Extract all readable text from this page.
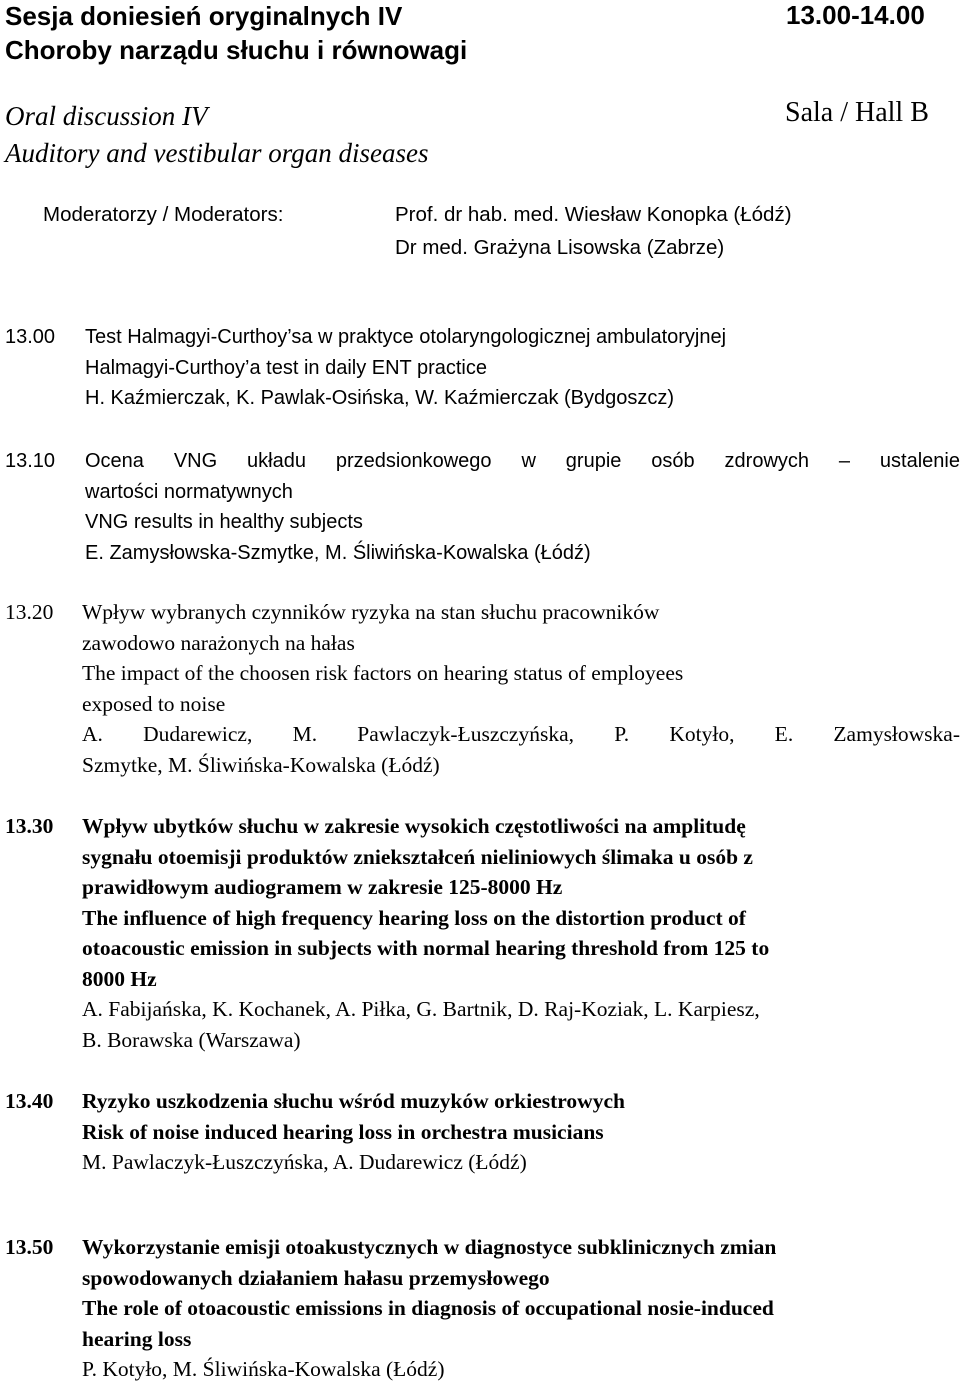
Sesja doniesień oryginalnych IV	13.00-14.00
Choroby narządu słuchu i równowagi
Oral discussion IV	Sala / Hall B
Auditory and vestibular organ diseases
Moderatorzy / Moderators:	Prof. dr hab. med. Wiesław Konopka (Łódź)
Dr med. Grażyna Lisowska (Zabrze)
13.00 Test Halmagyi-Curthoy’sa w praktyce otolaryngologicznej ambulatoryjnej
Halmagyi-Curthoy’a test in daily ENT practice
H. Kaźmierczak, K. Pawlak-Osińska, W. Kaźmierczak (Bydgoszcz)
13.10 Ocena VNG układu przedsionkowego w grupie osób zdrowych – ustalenie
wartości normatywnych
VNG results in healthy subjects
E. Zamysłowska-Szmytke, M. Śliwińska-Kowalska (Łódź)
13.20 Wpływ wybranych czynników ryzyka na stan słuchu pracowników
zawodowo narażonych na hałas
The impact of the choosen risk factors on hearing status of employees
exposed to noise
A. Dudarewicz, M. Pawlaczyk-Łuszczyńska, P. Kotyło, E. Zamysłowska-
Szmytke, M. Śliwińska-Kowalska (Łódź)
13.30 Wpływ ubytków słuchu w zakresie wysokich częstotliwości na amplitudę
sygnału otoemisji produktów zniekształceń nieliniowych ślimaka u osób z
prawidłowym audiogramem w zakresie 125-8000 Hz
The influence of high frequency hearing loss on the distortion product of
otoacoustic emission in subjects with normal hearing threshold from 125 to
8000 Hz
A. Fabijańska, K. Kochanek, A. Piłka, G. Bartnik, D. Raj-Koziak, L. Karpiesz,
B. Borawska (Warszawa)
13.40 Ryzyko uszkodzenia słuchu wśród muzyków orkiestrowych
Risk of noise induced hearing loss in orchestra musicians
M. Pawlaczyk-Łuszczyńska, A. Dudarewicz (Łódź)
13.50 Wykorzystanie emisji otoakustycznych w diagnostyce subklinicznych zmian
spowodowanych działaniem hałasu przemysłowego
The role of otoacoustic emissions in diagnosis of occupational nosie-induced
hearing loss
P. Kotyło, M. Śliwińska-Kowalska (Łódź)
